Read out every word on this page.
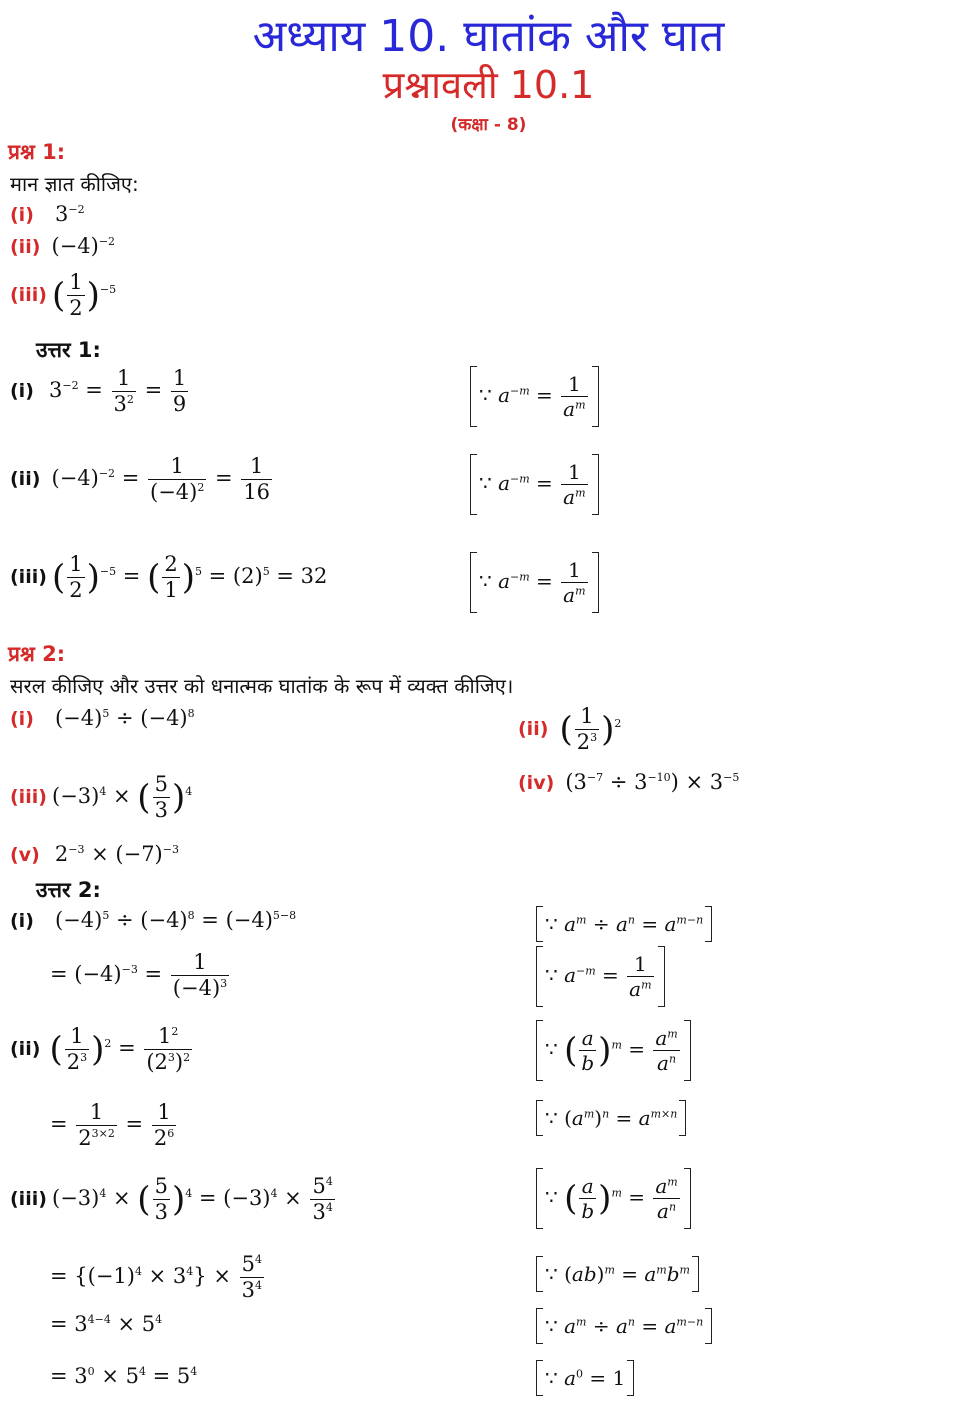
अध्याय 10. घातांक और घात
प्रश्नावली 10.1
(कक्षा - 8)
प्रश्न 1:
मान ज्ञात कीजिए:
(i) $3^{-2}$
(ii) $(-4)^{-2}$
(iii) ( $\frac{1}{2} )^{-5}$
उत्तर 1:
(i) $3^{-2} = \frac{1}{3^2} = \frac{1}{9}$	∵ $a^{-m} = \frac{1}{a^m}$
(ii) $(-4)^{-2} = \frac{1}{(-4)^2} = \frac{1}{16}$	∵ $a^{-m} = \frac{1}{a^m}$
(iii) ( $\frac{1}{2} )^{-5}$ = ( $\frac{2}{1} )^5 = (2)^5 = 32$	∵ $a^{-m} = \frac{1}{a^m}$
प्रश्न 2:
सरल कीजिए और उत्तर को धनात्मक घातांक के रूप में व्यक्त कीजिए।
(i) $(-4)^5 \div (-4)^8$
(ii) ( $\frac{1}{2^3} )^2$
(iv) $(3^{-7} \div 3^{-10}) \times 3^{-5}$
(iii) $(-3)^4$ × ( $\frac{5}{3} )^4$
(v) $2^{-3} \times (-7)^{-3}$
उत्तर 2:
(i) $(-4)^5 \div (-4)^8 = (-4)^{5-8}$	∵ $a^m \div a^n = a^{m-n}$
= $(-4)^{-3} = \frac{1}{(-4)^3}$	∵ $a^{-m} = \frac{1}{a^m}$
(ii) ( $\frac{1}{2^3} )^2 = \frac{1^2}{(2^3)^2}$	∵ ( $\frac{a}{b} )^m = \frac{a^m}{a^n}$
= $\frac{1}{2^{3\times 2}} = \frac{1}{2^6}$	∵ $(a^m)^n = a^{m\times n}$
(iii) $(-3)^4$ × ( $\frac{5}{3} )^4 = (-3)^4 \times \frac{5^4}{3^4}$	∵ ( $\frac{a}{b} )^m = \frac{a^m}{a^n}$
= $\{(-1)^4 \times 3^4\} \times \frac{5^4}{3^4}$	∵ $(ab)^m = a^mb^m$
= $3^{4-4} \times 5^4$	∵ $a^m \div a^n = a^{m-n}$
= $3^0 \times 5^4 = 5^4$	∵ $a^0 = 1$
